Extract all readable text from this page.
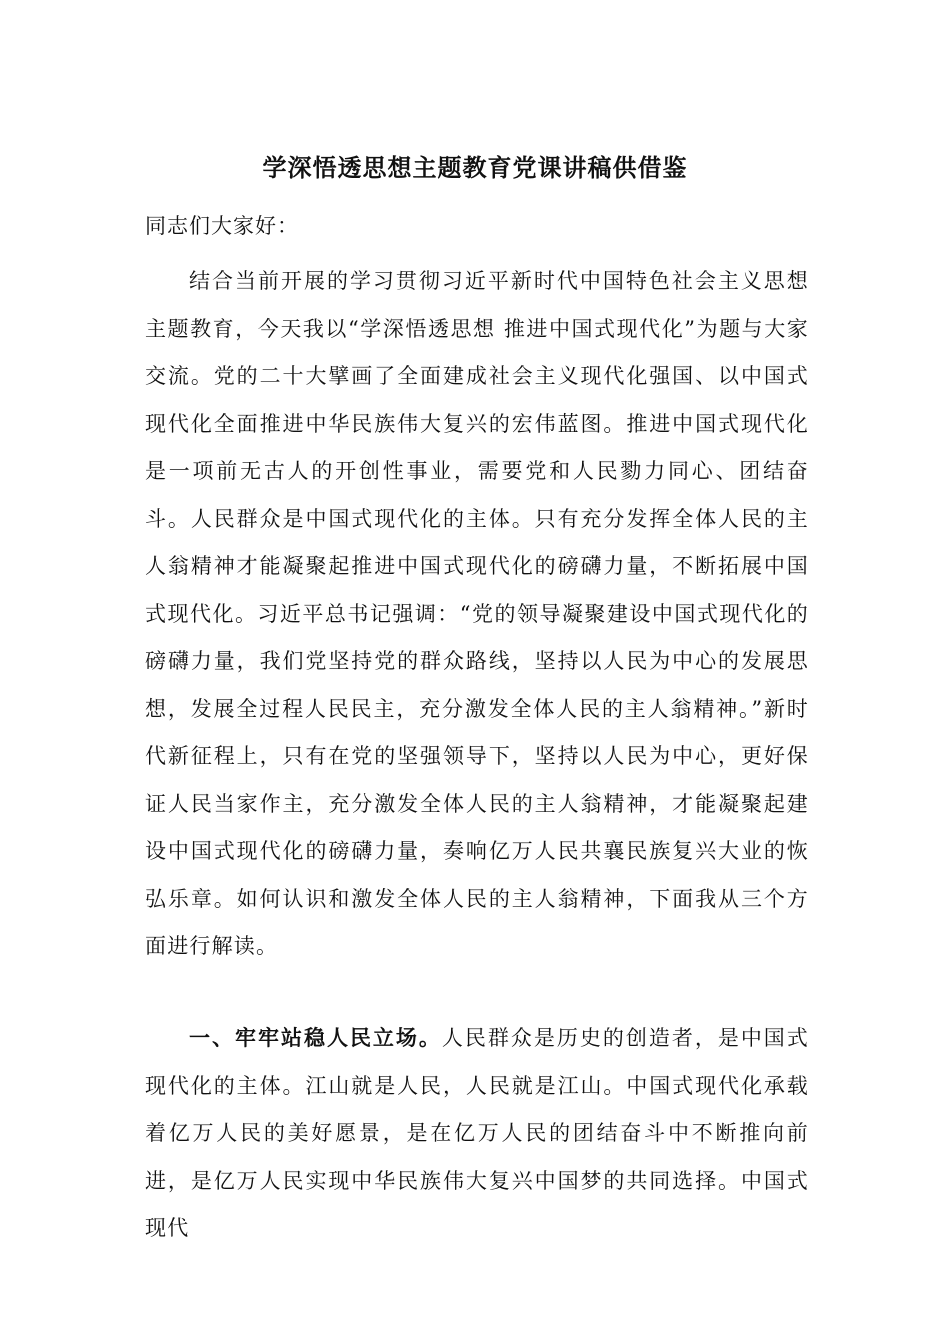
学深悟透思想主题教育党课讲稿供借鉴

同志们大家好：

结合当前开展的学习贯彻习近平新时代中国特色社会主义思想主题教育，今天我以“学深悟透思想 推进中国式现代化”为题与大家交流。党的二十大擘画了全面建成社会主义现代化强国、以中国式现代化全面推进中华民族伟大复兴的宏伟蓝图。推进中国式现代化是一项前无古人的开创性事业，需要党和人民勠力同心、团结奋斗。人民群众是中国式现代化的主体。只有充分发挥全体人民的主人翁精神才能凝聚起推进中国式现代化的磅礴力量，不断拓展中国式现代化。习近平总书记强调：“党的领导凝聚建设中国式现代化的磅礴力量，我们党坚持党的群众路线，坚持以人民为中心的发展思想，发展全过程人民民主，充分激发全体人民的主人翁精神。”新时代新征程上，只有在党的坚强领导下，坚持以人民为中心，更好保证人民当家作主，充分激发全体人民的主人翁精神，才能凝聚起建设中国式现代化的磅礴力量，奏响亿万人民共襄民族复兴大业的恢弘乐章。如何认识和激发全体人民的主人翁精神，下面我从三个方面进行解读。

一、牢牢站稳人民立场。人民群众是历史的创造者，是中国式现代化的主体。江山就是人民，人民就是江山。中国式现代化承载着亿万人民的美好愿景，是在亿万人民的团结奋斗中不断推向前进，是亿万人民实现中华民族伟大复兴中国梦的共同选择。中国式现代
